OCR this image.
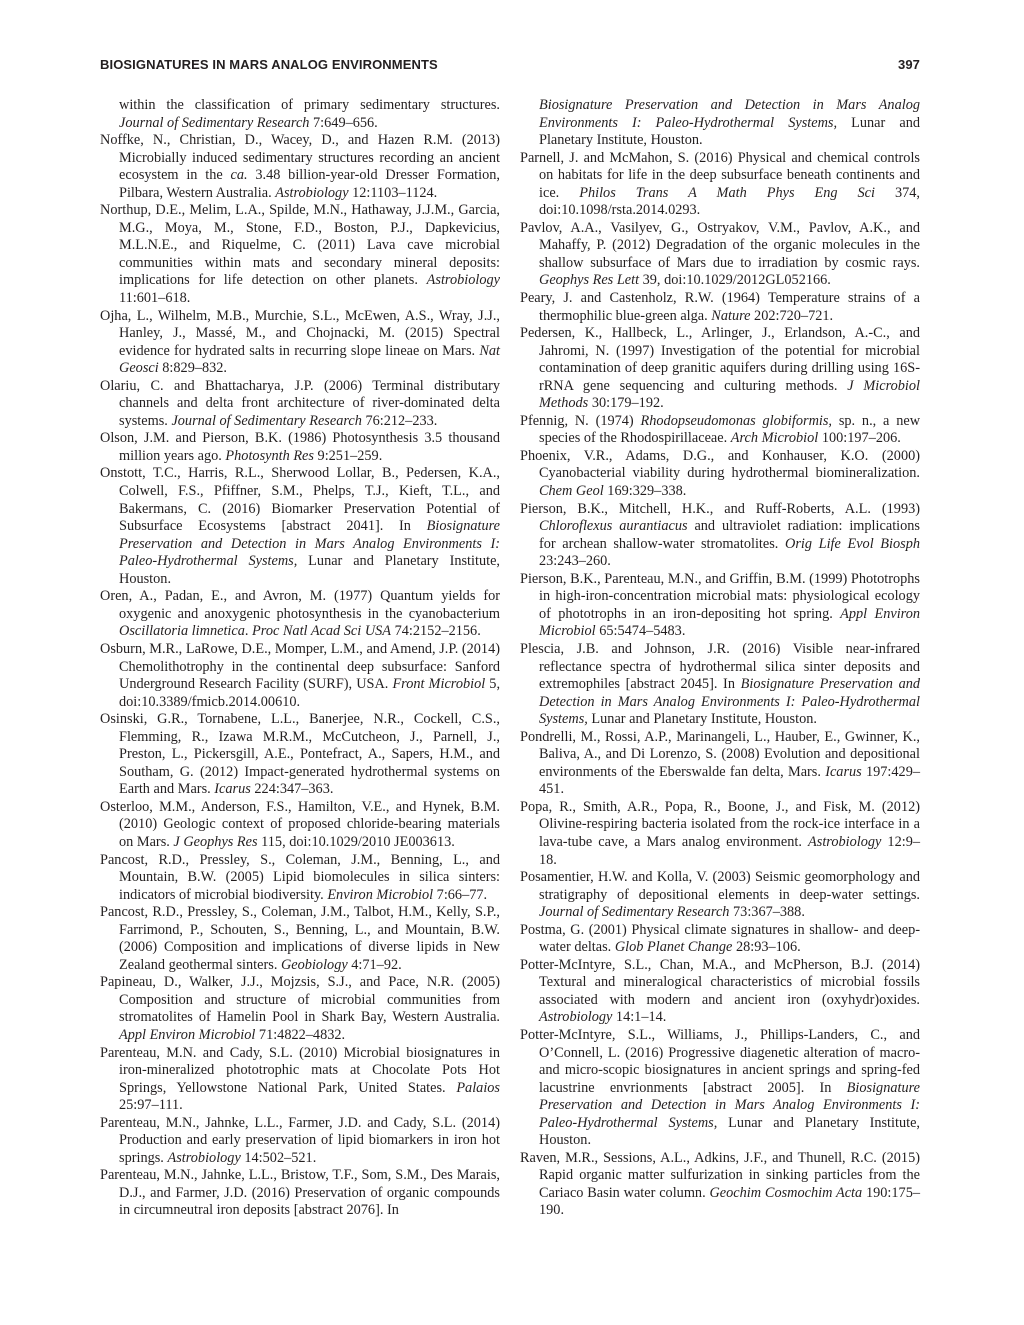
BIOSIGNATURES IN MARS ANALOG ENVIRONMENTS	397

within the classification of primary sedimentary structures. Journal of Sedimentary Research 7:649–656.

Noffke, N., Christian, D., Wacey, D., and Hazen R.M. (2013) Microbially induced sedimentary structures recording an ancient ecosystem in the ca. 3.48 billion-year-old Dresser Formation, Pilbara, Western Australia. Astrobiology 12:1103–1124.

Northup, D.E., Melim, L.A., Spilde, M.N., Hathaway, J.J.M., Garcia, M.G., Moya, M., Stone, F.D., Boston, P.J., Dapkevicius, M.L.N.E., and Riquelme, C. (2011) Lava cave microbial communities within mats and secondary mineral deposits: implications for life detection on other planets. Astrobiology 11:601–618.

Ojha, L., Wilhelm, M.B., Murchie, S.L., McEwen, A.S., Wray, J.J., Hanley, J., Massé, M., and Chojnacki, M. (2015) Spectral evidence for hydrated salts in recurring slope lineae on Mars. Nat Geosci 8:829–832.

Olariu, C. and Bhattacharya, J.P. (2006) Terminal distributary channels and delta front architecture of river-dominated delta systems. Journal of Sedimentary Research 76:212–233.

Olson, J.M. and Pierson, B.K. (1986) Photosynthesis 3.5 thousand million years ago. Photosynth Res 9:251–259.

Onstott, T.C., Harris, R.L., Sherwood Lollar, B., Pedersen, K.A., Colwell, F.S., Pfiffner, S.M., Phelps, T.J., Kieft, T.L., and Bakermans, C. (2016) Biomarker Preservation Potential of Subsurface Ecosystems [abstract 2041]. In Biosignature Preservation and Detection in Mars Analog Environments I: Paleo-Hydrothermal Systems, Lunar and Planetary Institute, Houston.

Oren, A., Padan, E., and Avron, M. (1977) Quantum yields for oxygenic and anoxygenic photosynthesis in the cyanobacterium Oscillatoria limnetica. Proc Natl Acad Sci USA 74:2152–2156.

Osburn, M.R., LaRowe, D.E., Momper, L.M., and Amend, J.P. (2014) Chemolithotrophy in the continental deep subsurface: Sanford Underground Research Facility (SURF), USA. Front Microbiol 5, doi:10.3389/fmicb.2014.00610.

Osinski, G.R., Tornabene, L.L., Banerjee, N.R., Cockell, C.S., Flemming, R., Izawa M.R.M., McCutcheon, J., Parnell, J., Preston, L., Pickersgill, A.E., Pontefract, A., Sapers, H.M., and Southam, G. (2012) Impact-generated hydrothermal systems on Earth and Mars. Icarus 224:347–363.

Osterloo, M.M., Anderson, F.S., Hamilton, V.E., and Hynek, B.M. (2010) Geologic context of proposed chloride-bearing materials on Mars. J Geophys Res 115, doi:10.1029/2010 JE003613.

Pancost, R.D., Pressley, S., Coleman, J.M., Benning, L., and Mountain, B.W. (2005) Lipid biomolecules in silica sinters: indicators of microbial biodiversity. Environ Microbiol 7:66–77.

Pancost, R.D., Pressley, S., Coleman, J.M., Talbot, H.M., Kelly, S.P., Farrimond, P., Schouten, S., Benning, L., and Mountain, B.W. (2006) Composition and implications of diverse lipids in New Zealand geothermal sinters. Geobiology 4:71–92.

Papineau, D., Walker, J.J., Mojzsis, S.J., and Pace, N.R. (2005) Composition and structure of microbial communities from stromatolites of Hamelin Pool in Shark Bay, Western Australia. Appl Environ Microbiol 71:4822–4832.

Parenteau, M.N. and Cady, S.L. (2010) Microbial biosignatures in iron-mineralized phototrophic mats at Chocolate Pots Hot Springs, Yellowstone National Park, United States. Palaios 25:97–111.

Parenteau, M.N., Jahnke, L.L., Farmer, J.D. and Cady, S.L. (2014) Production and early preservation of lipid biomarkers in iron hot springs. Astrobiology 14:502–521.

Parenteau, M.N., Jahnke, L.L., Bristow, T.F., Som, S.M., Des Marais, D.J., and Farmer, J.D. (2016) Preservation of organic compounds in circumneutral iron deposits [abstract 2076]. In

Biosignature Preservation and Detection in Mars Analog Environments I: Paleo-Hydrothermal Systems, Lunar and Planetary Institute, Houston.

Parnell, J. and McMahon, S. (2016) Physical and chemical controls on habitats for life in the deep subsurface beneath continents and ice. Philos Trans A Math Phys Eng Sci 374, doi:10.1098/rsta.2014.0293.

Pavlov, A.A., Vasilyev, G., Ostryakov, V.M., Pavlov, A.K., and Mahaffy, P. (2012) Degradation of the organic molecules in the shallow subsurface of Mars due to irradiation by cosmic rays. Geophys Res Lett 39, doi:10.1029/2012GL052166.

Peary, J. and Castenholz, R.W. (1964) Temperature strains of a thermophilic blue-green alga. Nature 202:720–721.

Pedersen, K., Hallbeck, L., Arlinger, J., Erlandson, A.-C., and Jahromi, N. (1997) Investigation of the potential for microbial contamination of deep granitic aquifers during drilling using 16S-rRNA gene sequencing and culturing methods. J Microbiol Methods 30:179–192.

Pfennig, N. (1974) Rhodopseudomonas globiformis, sp. n., a new species of the Rhodospirillaceae. Arch Microbiol 100:197–206.

Phoenix, V.R., Adams, D.G., and Konhauser, K.O. (2000) Cyanobacterial viability during hydrothermal biomineralization. Chem Geol 169:329–338.

Pierson, B.K., Mitchell, H.K., and Ruff-Roberts, A.L. (1993) Chloroflexus aurantiacus and ultraviolet radiation: implications for archean shallow-water stromatolites. Orig Life Evol Biosph 23:243–260.

Pierson, B.K., Parenteau, M.N., and Griffin, B.M. (1999) Phototrophs in high-iron-concentration microbial mats: physiological ecology of phototrophs in an iron-depositing hot spring. Appl Environ Microbiol 65:5474–5483.

Plescia, J.B. and Johnson, J.R. (2016) Visible near-infrared reflectance spectra of hydrothermal silica sinter deposits and extremophiles [abstract 2045]. In Biosignature Preservation and Detection in Mars Analog Environments I: Paleo-Hydrothermal Systems, Lunar and Planetary Institute, Houston.

Pondrelli, M., Rossi, A.P., Marinangeli, L., Hauber, E., Gwinner, K., Baliva, A., and Di Lorenzo, S. (2008) Evolution and depositional environments of the Eberswalde fan delta, Mars. Icarus 197:429–451.

Popa, R., Smith, A.R., Popa, R., Boone, J., and Fisk, M. (2012) Olivine-respiring bacteria isolated from the rock-ice interface in a lava-tube cave, a Mars analog environment. Astrobiology 12:9–18.

Posamentier, H.W. and Kolla, V. (2003) Seismic geomorphology and stratigraphy of depositional elements in deep-water settings. Journal of Sedimentary Research 73:367–388.

Postma, G. (2001) Physical climate signatures in shallow- and deep-water deltas. Glob Planet Change 28:93–106.

Potter-McIntyre, S.L., Chan, M.A., and McPherson, B.J. (2014) Textural and mineralogical characteristics of microbial fossils associated with modern and ancient iron (oxyhydr)oxides. Astrobiology 14:1–14.

Potter-McIntyre, S.L., Williams, J., Phillips-Landers, C., and O’Connell, L. (2016) Progressive diagenetic alteration of macro- and micro-scopic biosignatures in ancient springs and spring-fed lacustrine envrionments [abstract 2005]. In Biosignature Preservation and Detection in Mars Analog Environments I: Paleo-Hydrothermal Systems, Lunar and Planetary Institute, Houston.

Raven, M.R., Sessions, A.L., Adkins, J.F., and Thunell, R.C. (2015) Rapid organic matter sulfurization in sinking particles from the Cariaco Basin water column. Geochim Cosmochim Acta 190:175–190.
